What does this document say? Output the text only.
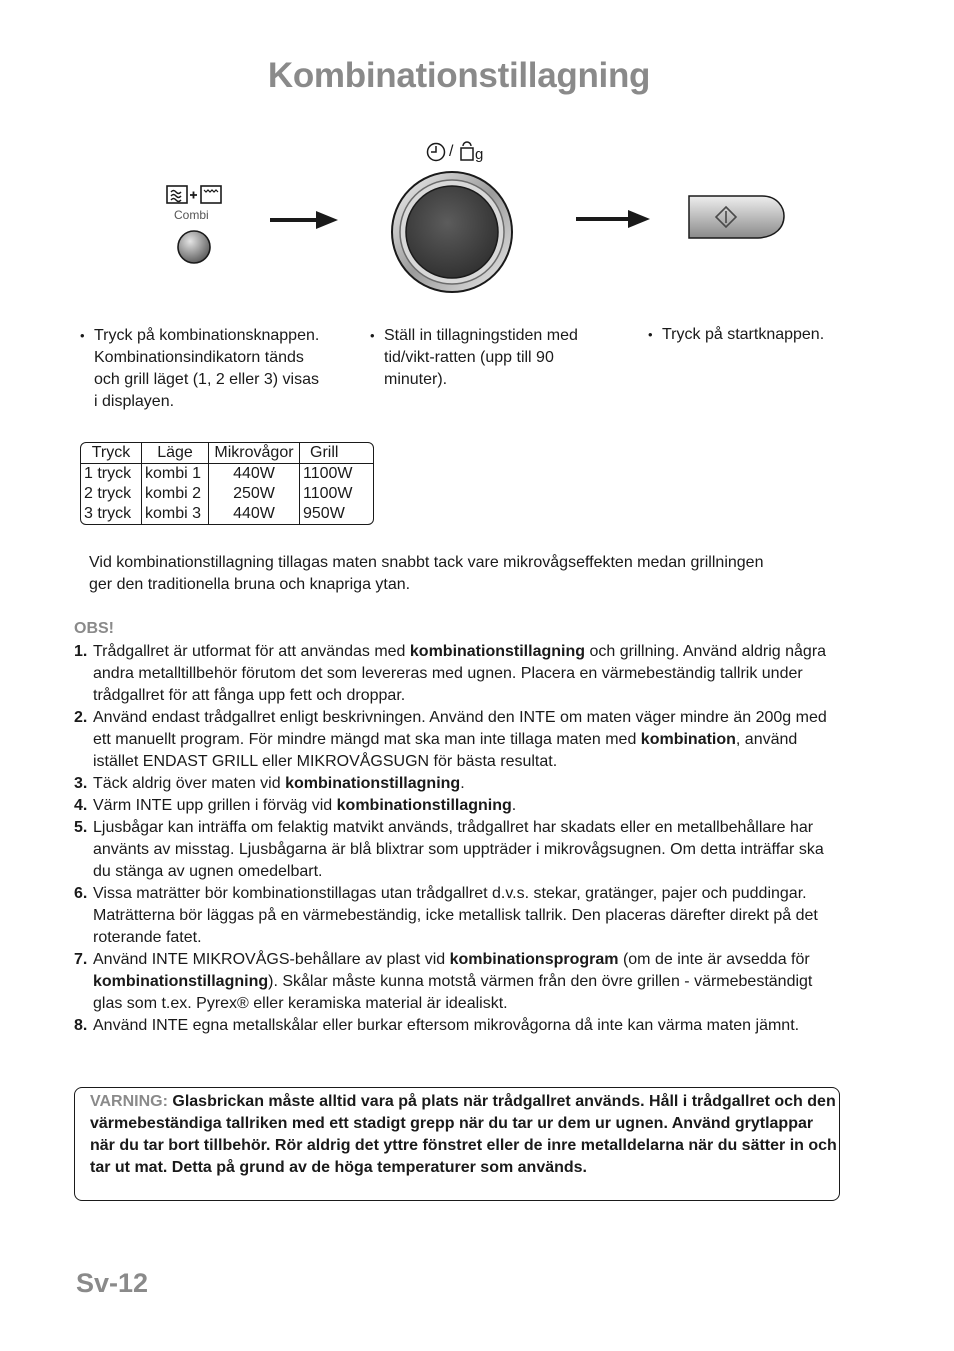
Kombinationstillagning
Combi
/ g
• Tryck på kombinationsknappen.
Kombinationsindikatorn tänds
och grill läget (1, 2 eller 3) visas
i displayen.
• Ställ in tillagningstiden med
tid/vikt-ratten (upp till 90
minuter).
• Tryck på startknappen.
Tryck	Läge	Mikrovågor	Grill
1 tryck	kombi 1	440W	1100W
2 tryck	kombi 2	250W	1100W
3 tryck	kombi 3	440W	950W
Vid kombinationstillagning tillagas maten snabbt tack vare mikrovågseffekten medan grillningen
ger den traditionella bruna och knapriga ytan.
OBS!
1. Trådgallret är utformat för att användas med kombinationstillagning och grillning. Använd aldrig några andra metalltillbehör förutom det som levereras med ugnen. Placera en värmebeständig tallrik under trådgallret för att fånga upp fett och droppar.
2. Använd endast trådgallret enligt beskrivningen. Använd den INTE om maten väger mindre än 200g med ett manuellt program. För mindre mängd mat ska man inte tillaga maten med kombination, använd istället ENDAST GRILL eller MIKROVÅGSUGN för bästa resultat.
3. Täck aldrig över maten vid kombinationstillagning.
4. Värm INTE upp grillen i förväg vid kombinationstillagning.
5. Ljusbågar kan inträffa om felaktig matvikt används, trådgallret har skadats eller en metallbehållare har använts av misstag. Ljusbågarna är blå blixtrar som uppträder i mikrovågsugnen. Om detta inträffar ska du stänga av ugnen omedelbart.
6. Vissa maträtter bör kombinationstillagas utan trådgallret d.v.s. stekar, gratänger, pajer och puddingar. Maträtterna bör läggas på en värmebeständig, icke metallisk tallrik. Den placeras därefter direkt på det roterande fatet.
7. Använd INTE MIKROVÅGS-behållare av plast vid kombinationsprogram (om de inte är avsedda för kombinationstillagning). Skålar måste kunna motstå värmen från den övre grillen - värmebeständigt glas som t.ex. Pyrex® eller keramiska material är idealiskt.
8. Använd INTE egna metallskålar eller burkar eftersom mikrovågorna då inte kan värma maten jämnt.
VARNING: Glasbrickan måste alltid vara på plats när trådgallret används. Håll i trådgallret och den värmebeständiga tallriken med ett stadigt grepp när du tar ur dem ur ugnen. Använd grytlappar när du tar bort tillbehör. Rör aldrig det yttre fönstret eller de inre metalldelarna när du sätter in och tar ut mat. Detta på grund av de höga temperaturer som används.
Sv-12
